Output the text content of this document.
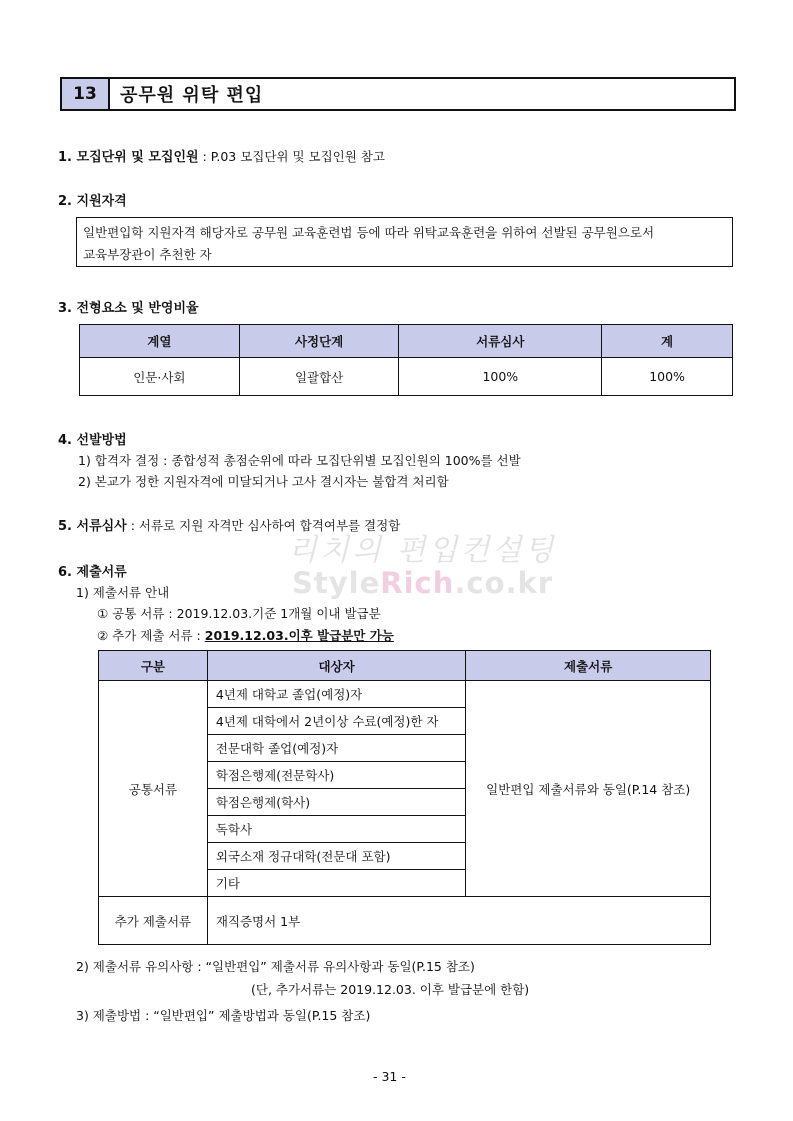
13	공무원 위탁 편입
1. 모집단위 및 모집인원 : P.03 모집단위 및 모집인원 참고
2. 지원자격
일반편입학 지원자격 해당자로 공무원 교육훈련법 등에 따라 위탁교육훈련을 위하여 선발된 공무원으로서
교육부장관이 추천한 자
3. 전형요소 및 반영비율
계열	사정단계	서류심사	계
인문·사회	일괄합산	100%	100%
4. 선발방법
1) 합격자 결정 : 종합성적 총점순위에 따라 모집단위별 모집인원의 100%를 선발
2) 본교가 정한 지원자격에 미달되거나 고사 결시자는 불합격 처리함
5. 서류심사 : 서류로 지원 자격만 심사하여 합격여부를 결정함
리치의 편입컨설팅
StyleRich.co.kr
6. 제출서류
1) 제출서류 안내
① 공통 서류 : 2019.12.03.기준 1개월 이내 발급분
② 추가 제출 서류 : 2019.12.03.이후 발급분만 가능
구분	대상자	제출서류
공통서류	4년제 대학교 졸업(예정)자	일반편입 제출서류와 동일(P.14 참조)
	4년제 대학에서 2년이상 수료(예정)한 자	
	전문대학 졸업(예정)자	
	학점은행제(전문학사)	
	학점은행제(학사)	
	독학사	
	외국소재 정규대학(전문대 포함)	
	기타	
추가 제출서류	재직증명서 1부	
2) 제출서류 유의사항 : “일반편입” 제출서류 유의사항과 동일(P.15 참조)
(단, 추가서류는 2019.12.03. 이후 발급분에 한함)
3) 제출방법 : “일반편입” 제출방법과 동일(P.15 참조)
- 31 -
